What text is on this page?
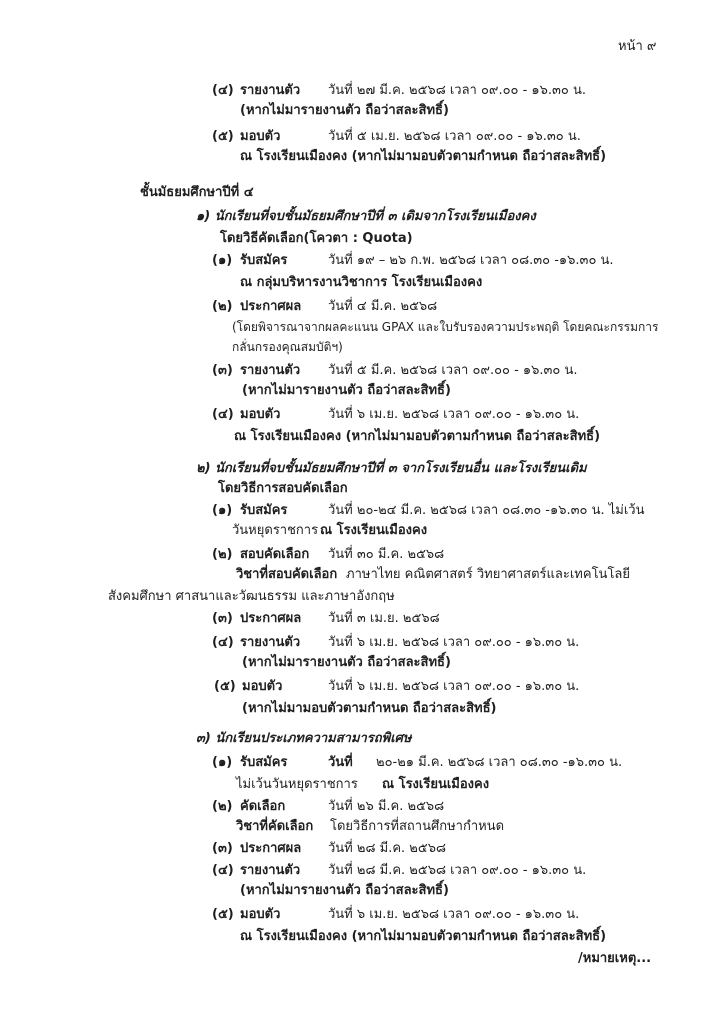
หน้า ๙
(๔) รายงานตัว วันที่ ๒๗ มี.ค. ๒๕๖๘ เวลา ๐๙.๐๐ - ๑๖.๓๐ น.
(หากไม่มารายงานตัว ถือว่าสละสิทธิ์)
(๕) มอบตัว	วันที่ ๕ เม.ย. ๒๕๖๘ เวลา ๐๙.๐๐ - ๑๖.๓๐ น.
ณ โรงเรียนเมืองคง (หากไม่มามอบตัวตามกำหนด ถือว่าสละสิทธิ์)
ชั้นมัธยมศึกษาปีที่ ๔
๑) นักเรียนที่จบชั้นมัธยมศึกษาปีที่ ๓ เดิมจากโรงเรียนเมืองคง
โดยวิธีคัดเลือก(โควตา : Quota)
(๑) รับสมัคร	วันที่ ๑๙ – ๒๖ ก.พ. ๒๕๖๘ เวลา ๐๘.๓๐ -๑๖.๓๐ น.
ณ กลุ่มบริหารงานวิชาการ โรงเรียนเมืองคง
(๒) ประกาศผล วันที่ ๔ มี.ค. ๒๕๖๘
(โดยพิจารณาจากผลคะแนน GPAX และใบรับรองความประพฤติ โดยคณะกรรมการ
กลั่นกรองคุณสมบัติฯ)
(๓) รายงานตัว วันที่ ๕ มี.ค. ๒๕๖๘ เวลา ๐๙.๐๐ - ๑๖.๓๐ น.
(หากไม่มารายงานตัว ถือว่าสละสิทธิ์)
(๔) มอบตัว	วันที่ ๖ เม.ย. ๒๕๖๘ เวลา ๐๙.๐๐ - ๑๖.๓๐ น.
ณ โรงเรียนเมืองคง (หากไม่มามอบตัวตามกำหนด ถือว่าสละสิทธิ์)
๒) นักเรียนที่จบชั้นมัธยมศึกษาปีที่ ๓ จากโรงเรียนอื่น และโรงเรียนเดิม
โดยวิธีการสอบคัดเลือก
(๑) รับสมัคร	วันที่ ๒๐-๒๔ มี.ค. ๒๕๖๘ เวลา ๐๘.๓๐ -๑๖.๓๐ น. ไม่เว้น
วันหยุดราชการ ณ โรงเรียนเมืองคง
(๒) สอบคัดเลือก วันที่ ๓๐ มี.ค. ๒๕๖๘
วิชาที่สอบคัดเลือก ภาษาไทย คณิตศาสตร์ วิทยาศาสตร์และเทคโนโลยี
สังคมศึกษา ศาสนาและวัฒนธรรม และภาษาอังกฤษ
(๓) ประกาศผล วันที่ ๓ เม.ย. ๒๕๖๘
(๔) รายงานตัว วันที่ ๖ เม.ย. ๒๕๖๘ เวลา ๐๙.๐๐ - ๑๖.๓๐ น.
(หากไม่มารายงานตัว ถือว่าสละสิทธิ์)
(๕) มอบตัว	วันที่ ๖ เม.ย. ๒๕๖๘ เวลา ๐๙.๐๐ - ๑๖.๓๐ น.
(หากไม่มามอบตัวตามกำหนด ถือว่าสละสิทธิ์)
๓) นักเรียนประเภทความสามารถพิเศษ
(๑) รับสมัคร	วันที่ ๒๐-๒๑ มี.ค. ๒๕๖๘ เวลา ๐๘.๓๐ -๑๖.๓๐ น.
ไม่เว้นวันหยุดราชการ ณ โรงเรียนเมืองคง
(๒) คัดเลือก	วันที่ ๒๖ มี.ค. ๒๕๖๘
วิชาที่คัดเลือก โดยวิธีการที่สถานศึกษากำหนด
(๓) ประกาศผล วันที่ ๒๘ มี.ค. ๒๕๖๘
(๔) รายงานตัว วันที่ ๒๘ มี.ค. ๒๕๖๘ เวลา ๐๙.๐๐ - ๑๖.๓๐ น.
(หากไม่มารายงานตัว ถือว่าสละสิทธิ์)
(๕) มอบตัว	วันที่ ๖ เม.ย. ๒๕๖๘ เวลา ๐๙.๐๐ - ๑๖.๓๐ น.
ณ โรงเรียนเมืองคง (หากไม่มามอบตัวตามกำหนด ถือว่าสละสิทธิ์)
/หมายเหตุ...
